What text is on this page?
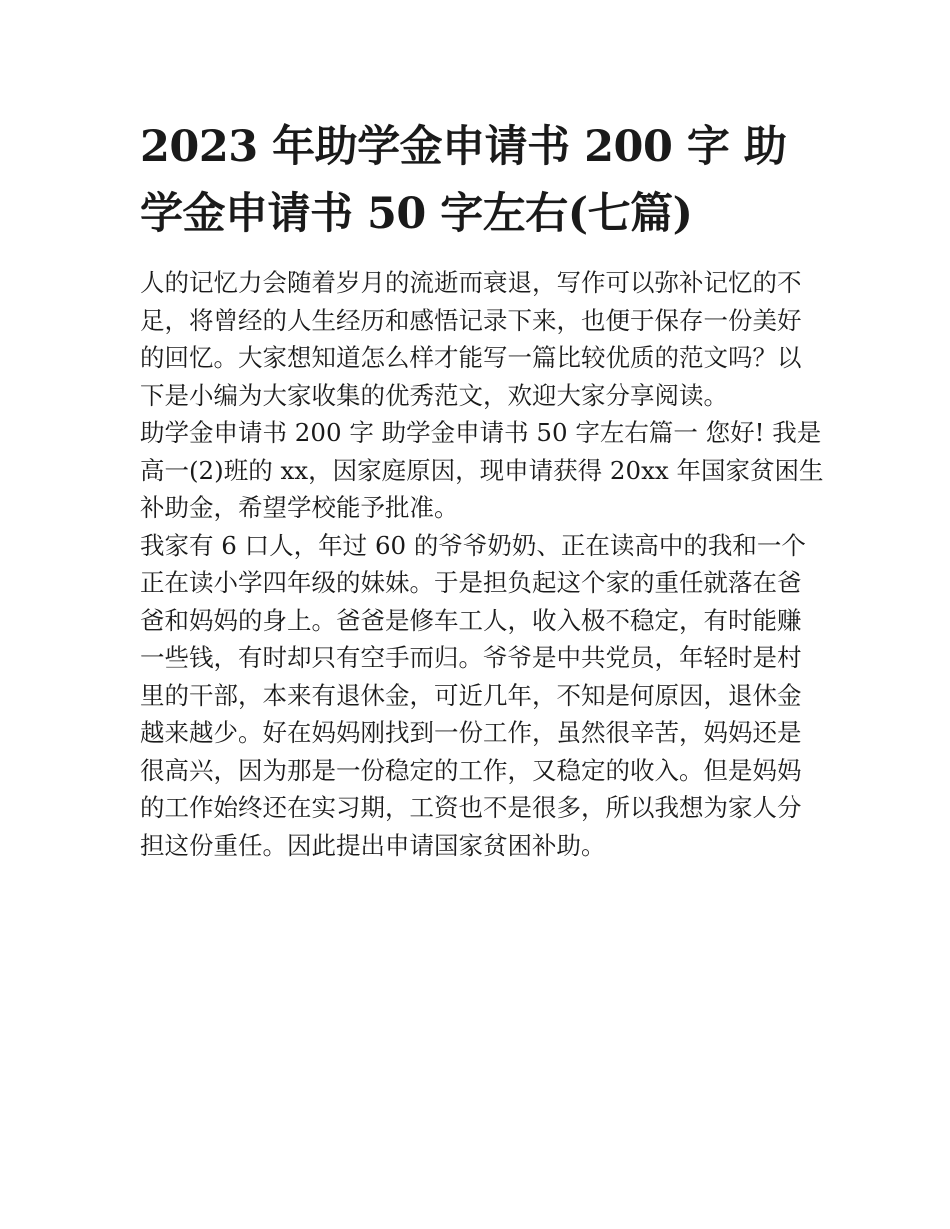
2023 年助学金申请书 200 字 助
学金申请书 50 字左右(七篇)
人的记忆力会随着岁月的流逝而衰退，写作可以弥补记忆的不
足，将曾经的人生经历和感悟记录下来，也便于保存一份美好
的回忆。大家想知道怎么样才能写一篇比较优质的范文吗？以
下是小编为大家收集的优秀范文，欢迎大家分享阅读。
助学金申请书 200 字 助学金申请书 50 字左右篇一 您好! 我是
高一(2)班的 xx，因家庭原因，现申请获得 20xx 年国家贫困生
补助金，希望学校能予批准。
我家有 6 口人，年过 60 的爷爷奶奶、正在读高中的我和一个
正在读小学四年级的妹妹。于是担负起这个家的重任就落在爸
爸和妈妈的身上。爸爸是修车工人，收入极不稳定，有时能赚
一些钱，有时却只有空手而归。爷爷是中共党员，年轻时是村
里的干部，本来有退休金，可近几年，不知是何原因，退休金
越来越少。好在妈妈刚找到一份工作，虽然很辛苦，妈妈还是
很高兴，因为那是一份稳定的工作，又稳定的收入。但是妈妈
的工作始终还在实习期，工资也不是很多，所以我想为家人分
担这份重任。因此提出申请国家贫困补助。
